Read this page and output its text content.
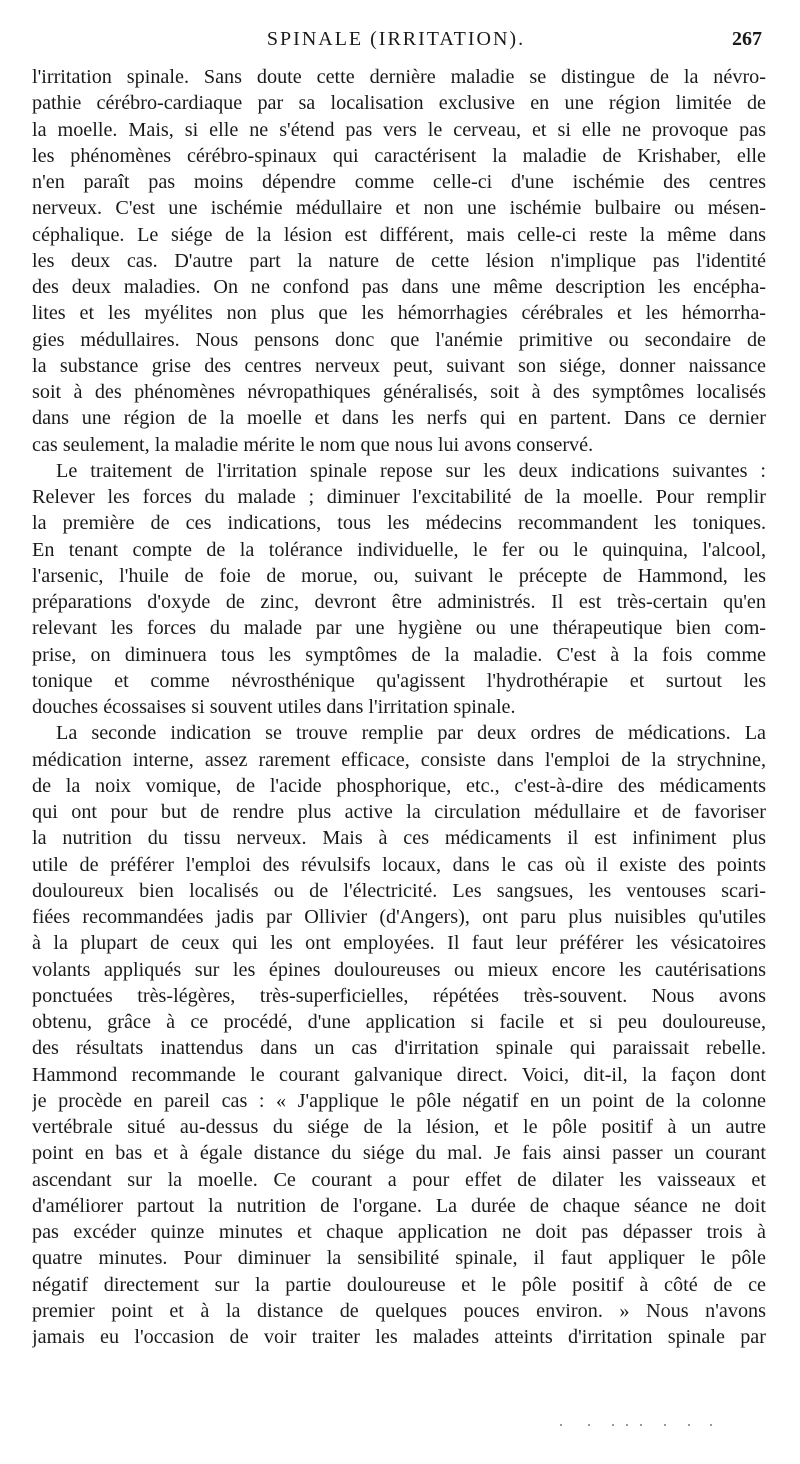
SPINALE (IRRITATION).	267
l'irritation spinale. Sans doute cette dernière maladie se distingue de la névro-
pathie cérébro-cardiaque par sa localisation exclusive en une région limitée de
la moelle. Mais, si elle ne s'étend pas vers le cerveau, et si elle ne provoque pas
les phénomènes cérébro-spinaux qui caractérisent la maladie de Krishaber, elle
n'en paraît pas moins dépendre comme celle-ci d'une ischémie des centres
nerveux. C'est une ischémie médullaire et non une ischémie bulbaire ou mésen-
céphalique. Le siége de la lésion est différent, mais celle-ci reste la même dans
les deux cas. D'autre part la nature de cette lésion n'implique pas l'identité
des deux maladies. On ne confond pas dans une même description les encépha-
lites et les myélites non plus que les hémorrhagies cérébrales et les hémorrha-
gies médullaires. Nous pensons donc que l'anémie primitive ou secondaire de
la substance grise des centres nerveux peut, suivant son siége, donner naissance
soit à des phénomènes névropathiques généralisés, soit à des symptômes localisés
dans une région de la moelle et dans les nerfs qui en partent. Dans ce dernier
cas seulement, la maladie mérite le nom que nous lui avons conservé.
Le traitement de l'irritation spinale repose sur les deux indications suivantes :
Relever les forces du malade ; diminuer l'excitabilité de la moelle. Pour remplir
la première de ces indications, tous les médecins recommandent les toniques.
En tenant compte de la tolérance individuelle, le fer ou le quinquina, l'alcool,
l'arsenic, l'huile de foie de morue, ou, suivant le précepte de Hammond, les
préparations d'oxyde de zinc, devront être administrés. Il est très-certain qu'en
relevant les forces du malade par une hygiène ou une thérapeutique bien com-
prise, on diminuera tous les symptômes de la maladie. C'est à la fois comme
tonique et comme névrosthénique qu'agissent l'hydrothérapie et surtout les
douches écossaises si souvent utiles dans l'irritation spinale.
La seconde indication se trouve remplie par deux ordres de médications. La
médication interne, assez rarement efficace, consiste dans l'emploi de la strychnine,
de la noix vomique, de l'acide phosphorique, etc., c'est-à-dire des médicaments
qui ont pour but de rendre plus active la circulation médullaire et de favoriser
la nutrition du tissu nerveux. Mais à ces médicaments il est infiniment plus
utile de préférer l'emploi des révulsifs locaux, dans le cas où il existe des points
douloureux bien localisés ou de l'électricité. Les sangsues, les ventouses scari-
fiées recommandées jadis par Ollivier (d'Angers), ont paru plus nuisibles qu'utiles
à la plupart de ceux qui les ont employées. Il faut leur préférer les vésicatoires
volants appliqués sur les épines douloureuses ou mieux encore les cautérisations
ponctuées très-légères, très-superficielles, répétées très-souvent. Nous avons
obtenu, grâce à ce procédé, d'une application si facile et si peu douloureuse,
des résultats inattendus dans un cas d'irritation spinale qui paraissait rebelle.
Hammond recommande le courant galvanique direct. Voici, dit-il, la façon dont
je procède en pareil cas : « J'applique le pôle négatif en un point de la colonne
vertébrale situé au-dessus du siége de la lésion, et le pôle positif à un autre
point en bas et à égale distance du siége du mal. Je fais ainsi passer un courant
ascendant sur la moelle. Ce courant a pour effet de dilater les vaisseaux et
d'améliorer partout la nutrition de l'organe. La durée de chaque séance ne doit
pas excéder quinze minutes et chaque application ne doit pas dépasser trois à
quatre minutes. Pour diminuer la sensibilité spinale, il faut appliquer le pôle
négatif directement sur la partie douloureuse et le pôle positif à côté de ce
premier point et à la distance de quelques pouces environ. » Nous n'avons
jamais eu l'occasion de voir traiter les malades atteints d'irritation spinale par
